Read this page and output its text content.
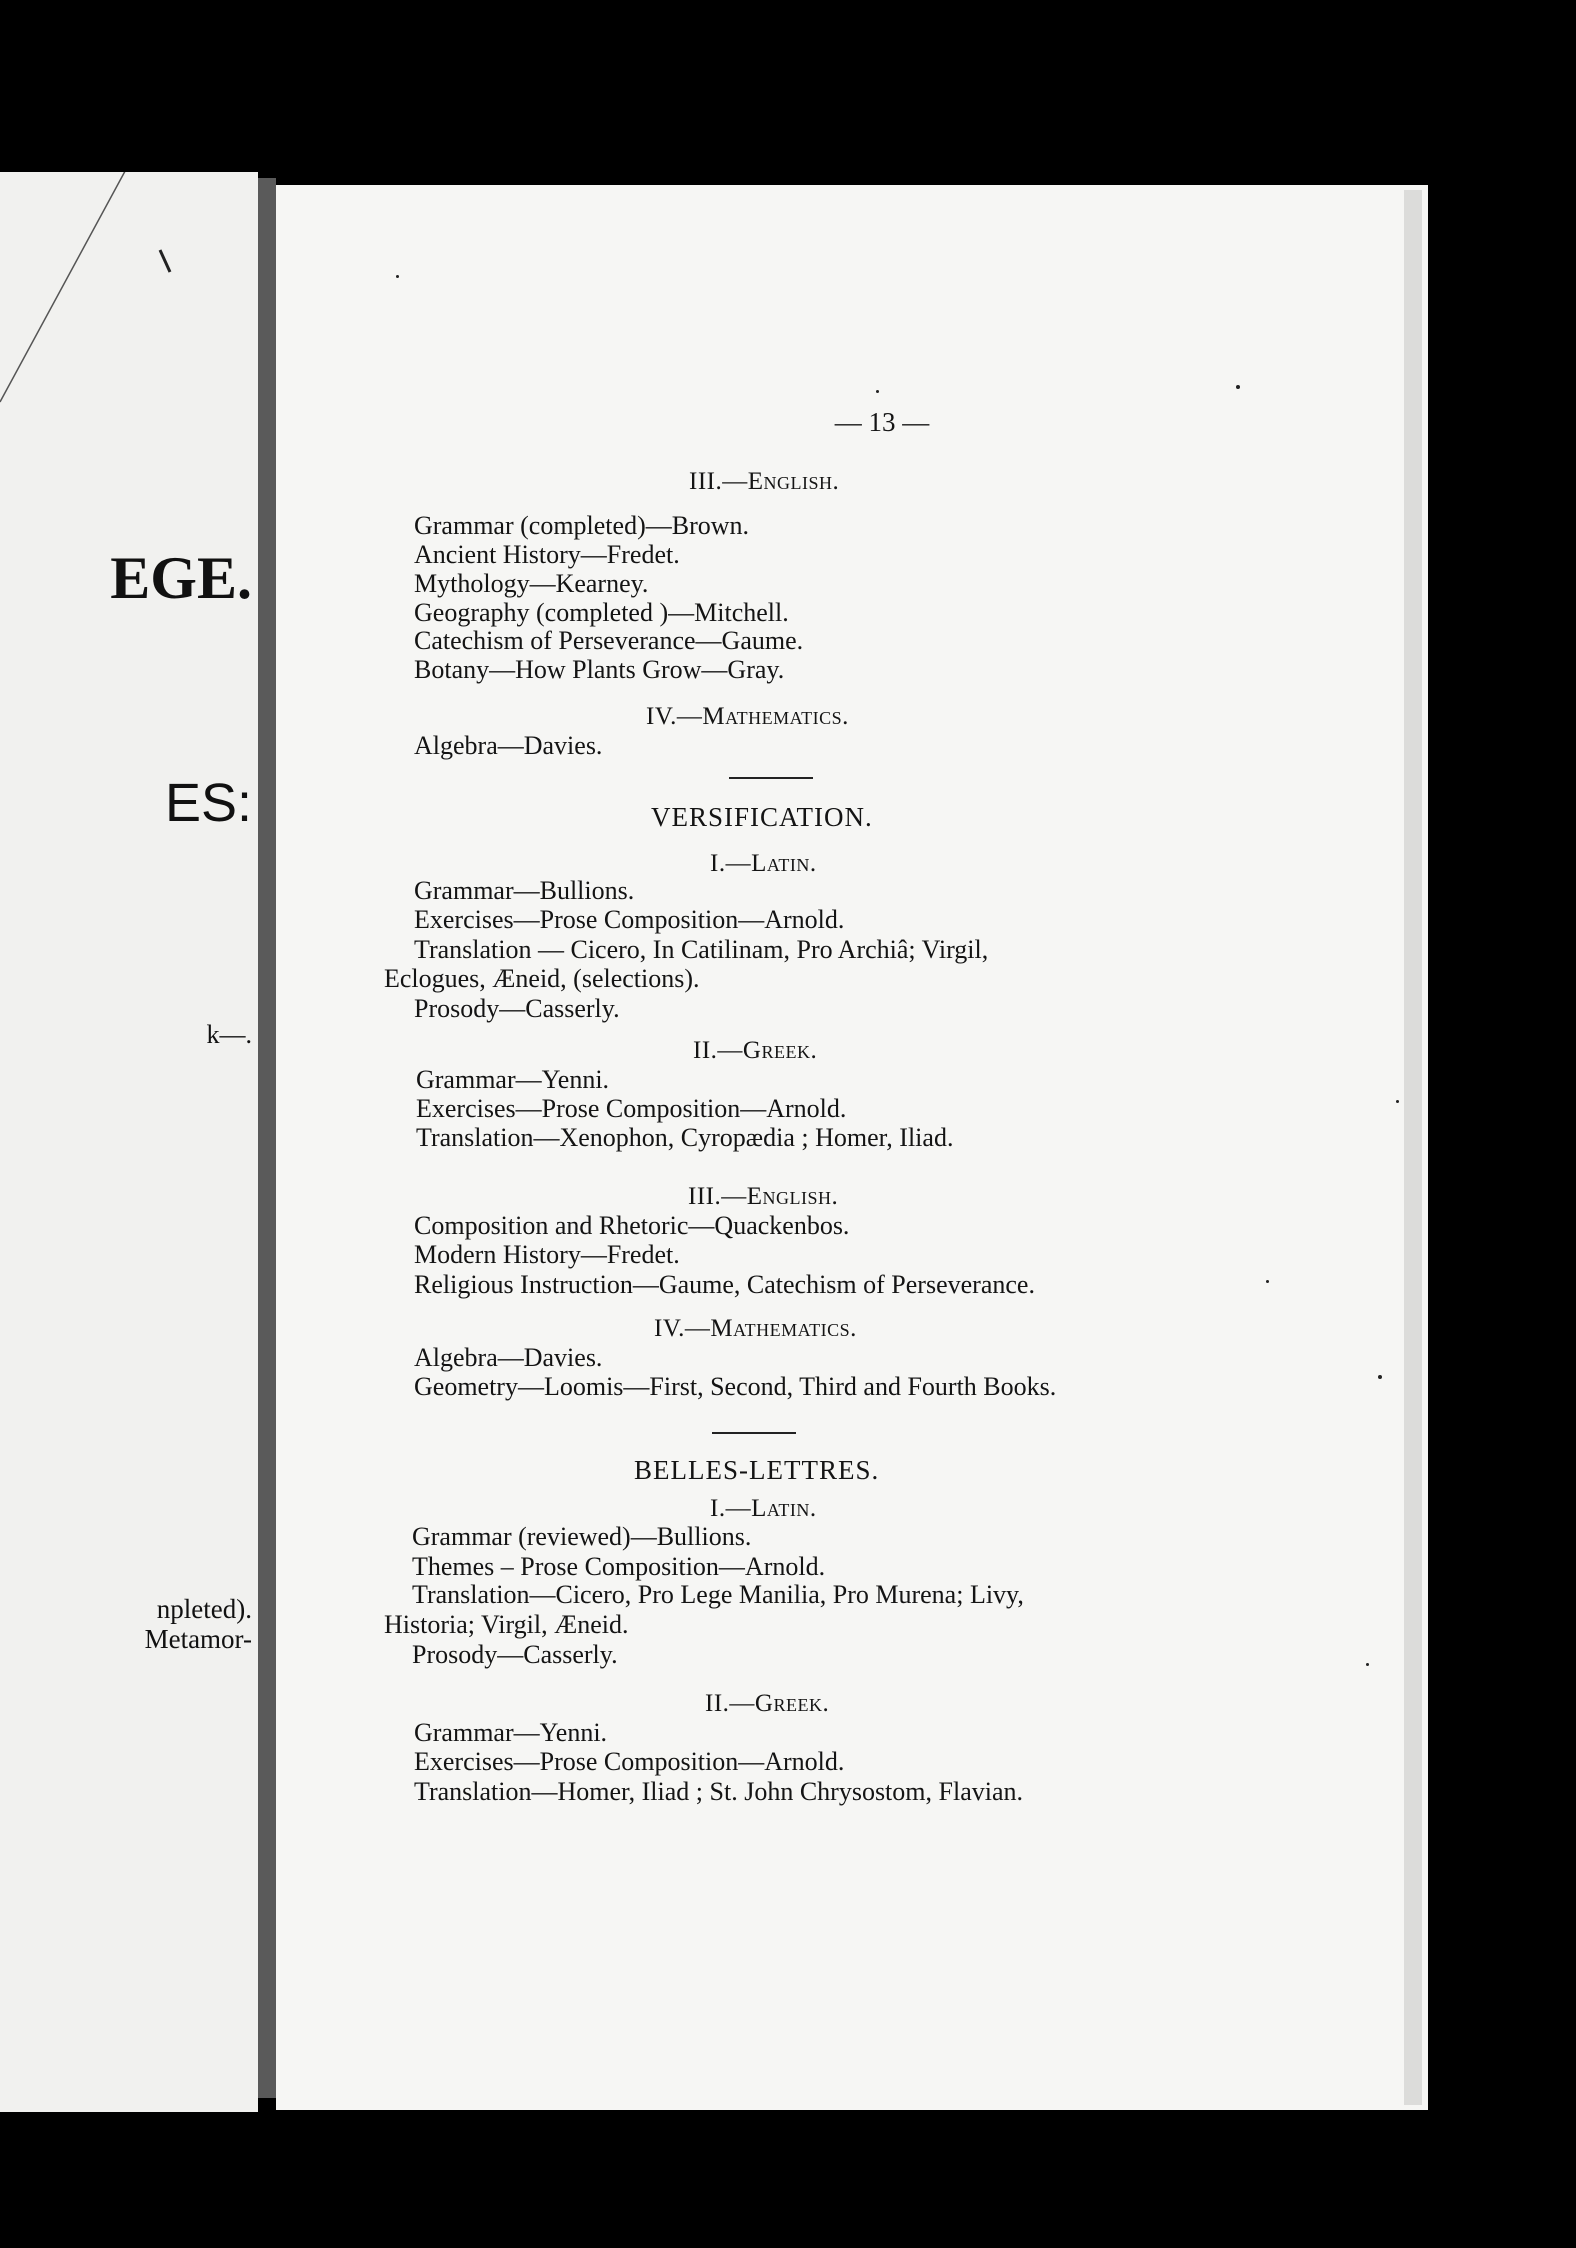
EGE.
ES:
k—.
npleted).
Metamor-
— 13 —
III.—English.
Grammar (completed)—Brown.
Ancient History—Fredet.
Mythology—Kearney.
Geography (completed )—Mitchell.
Catechism of Perseverance—Gaume.
Botany—How Plants Grow—Gray.
IV.—Mathematics.
Algebra—Davies.
VERSIFICATION.
I.—Latin.
Grammar—Bullions.
Exercises—Prose Composition—Arnold.
Translation — Cicero, In Catilinam, Pro Archiâ; Virgil,
Eclogues, Æneid, (selections).
Prosody—Casserly.
II.—Greek.
Grammar—Yenni.
Exercises—Prose Composition—Arnold.
Translation—Xenophon, Cyropædia ; Homer, Iliad.
III.—English.
Composition and Rhetoric—Quackenbos.
Modern History—Fredet.
Religious Instruction—Gaume, Catechism of Perseverance.
IV.—Mathematics.
Algebra—Davies.
Geometry—Loomis—First, Second, Third and Fourth Books.
BELLES-LETTRES.
I.—Latin.
Grammar (reviewed)—Bullions.
Themes – Prose Composition—Arnold.
Translation—Cicero, Pro Lege Manilia, Pro Murena; Livy,
Historia; Virgil, Æneid.
Prosody—Casserly.
II.—Greek.
Grammar—Yenni.
Exercises—Prose Composition—Arnold.
Translation—Homer, Iliad ; St. John Chrysostom, Flavian.
